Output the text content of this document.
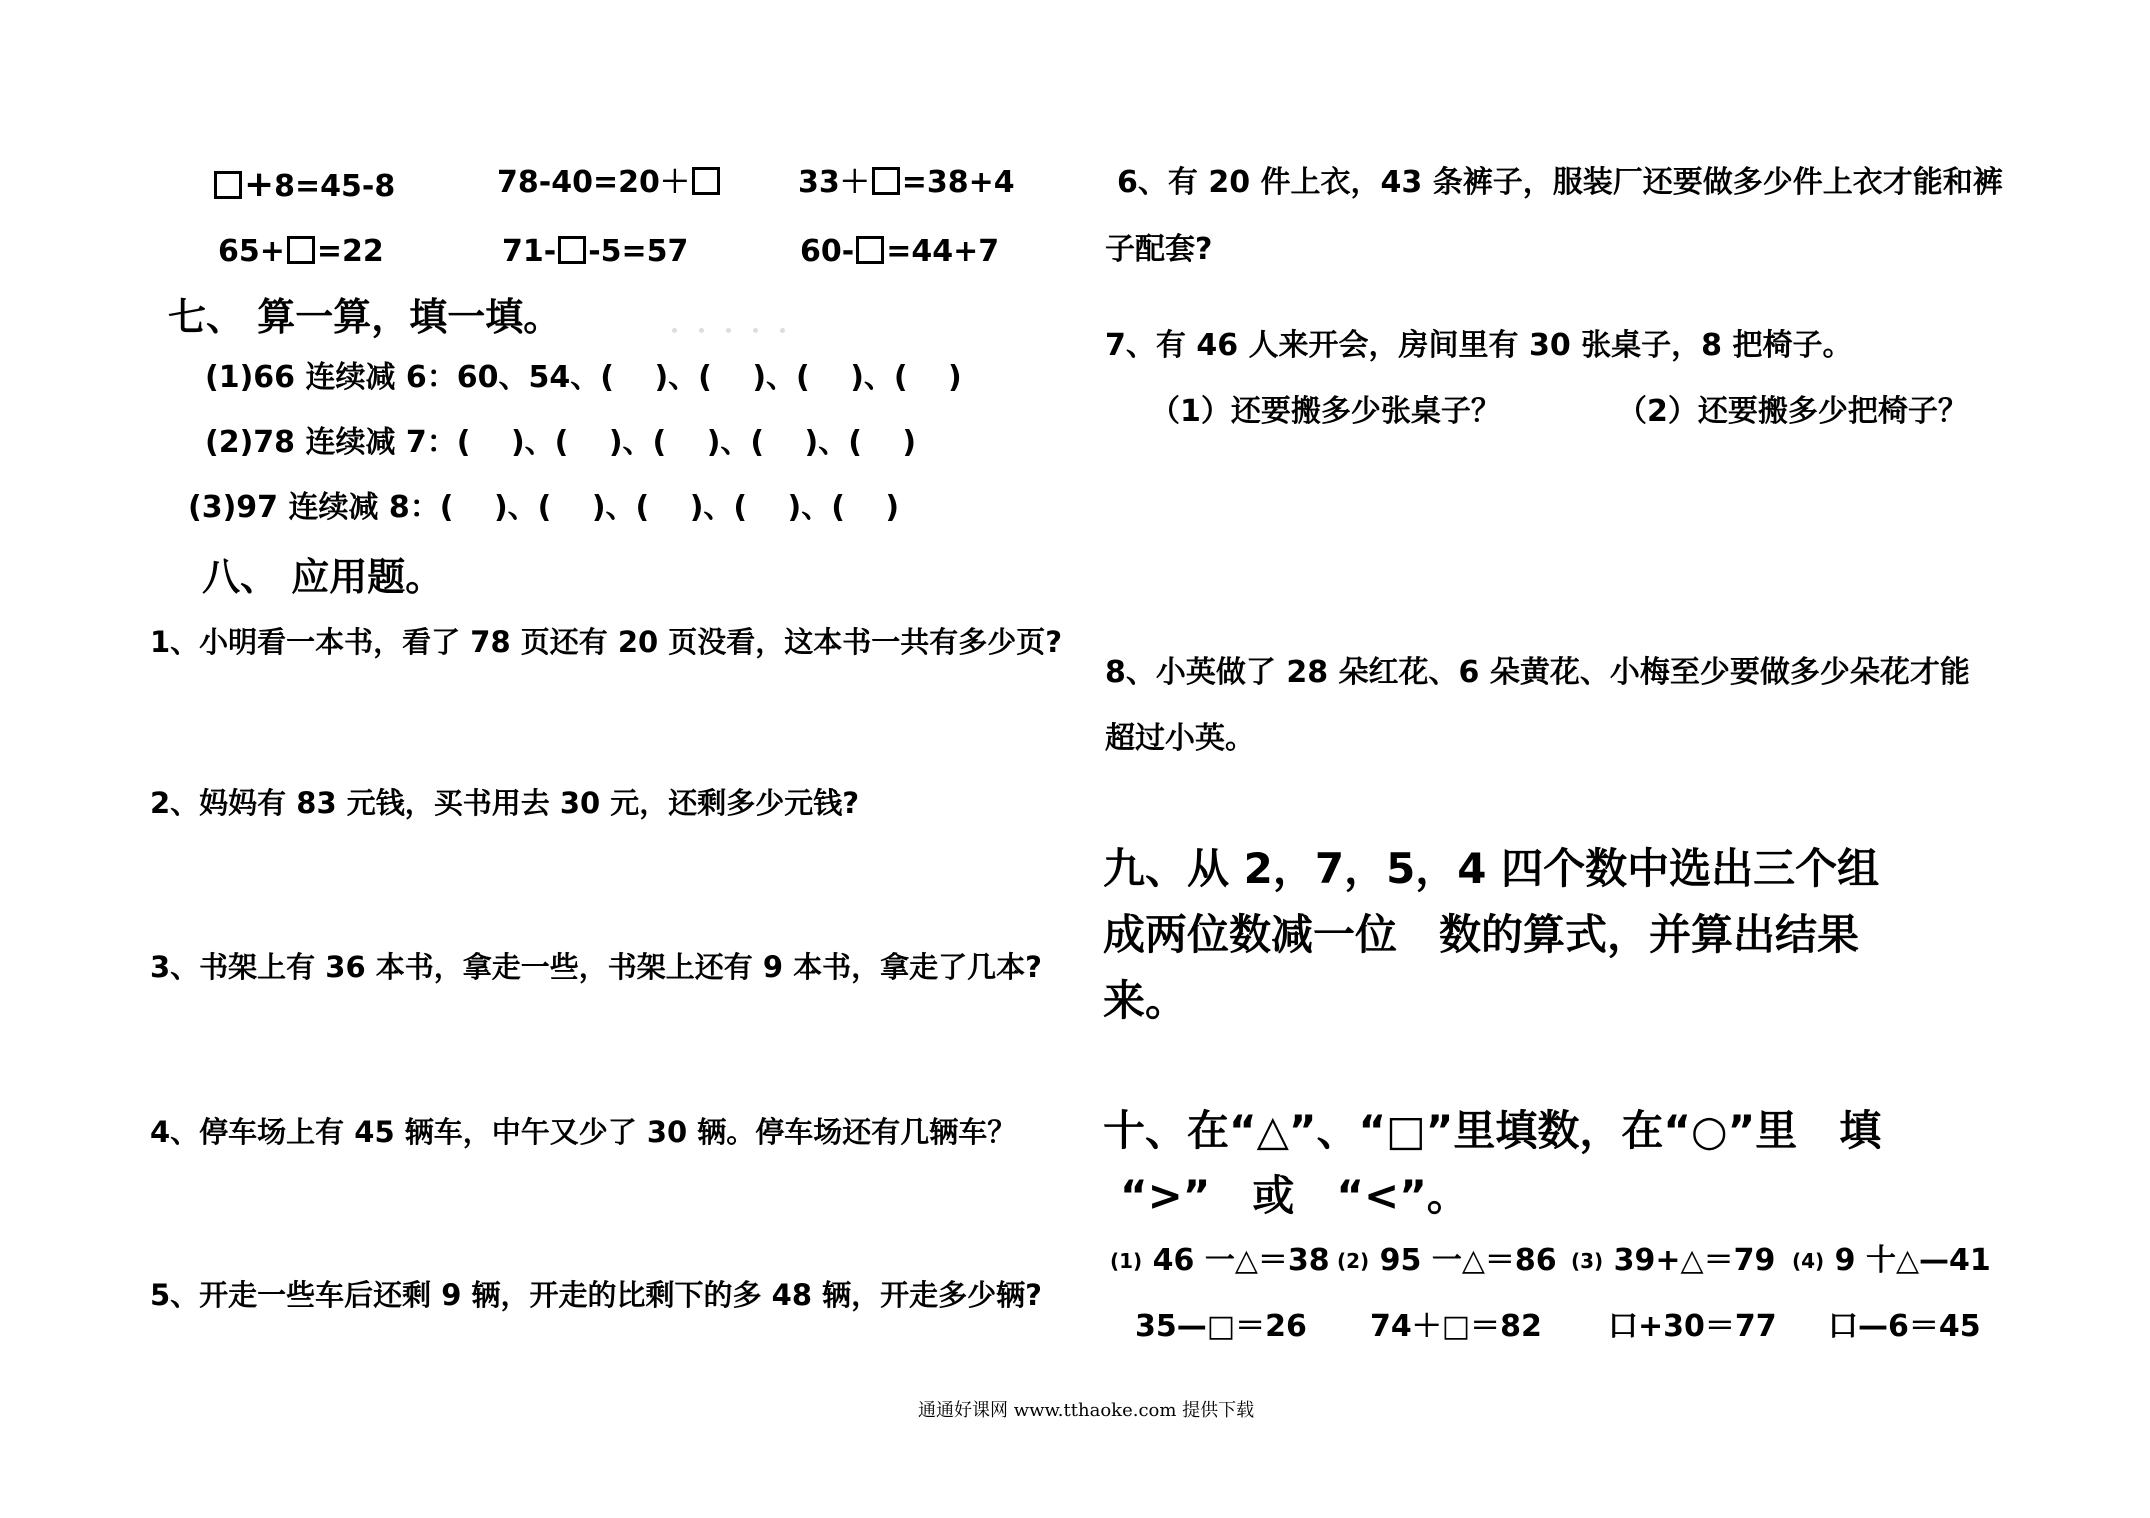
+8=45-8	78-40=20＋	33＋ =38+4
65+ =22	71- -5=57	60- =44+7
七、 算一算，填一填。
(1)66 连续减 6：60、54、(　 )、(　 )、(　 )、(　 )
(2)78 连续减 7：(　 )、(　 )、(　 )、(　 )、(　 )
(3)97 连续减 8：(　 )、(　 )、(　 )、(　 )、(　 )
八、 应用题。
1、小明看一本书，看了 78 页还有 20 页没看，这本书一共有多少页?
2、妈妈有 83 元钱，买书用去 30 元，还剩多少元钱?
3、书架上有 36 本书，拿走一些，书架上还有 9 本书，拿走了几本?
4、停车场上有 45 辆车，中午又少了 30 辆。停车场还有几辆车？
5、开走一些车后还剩 9 辆，开走的比剩下的多 48 辆，开走多少辆?
6、有 20 件上衣，43 条裤子，服装厂还要做多少件上衣才能和裤
子配套?
7、有 46 人来开会，房间里有 30 张桌子，8 把椅子。
（1）还要搬多少张桌子？	（2）还要搬多少把椅子？
8、小英做了 28 朵红花、6 朵黄花、小梅至少要做多少朵花才能
超过小英。
九、从 2，7，5，4 四个数中选出三个组
成两位数减一位　数的算式，并算出结果
来。
十、在“△”、“□”里填数，在“○”里　填
“>”　或　“<”。
(1) 46 一△＝38 (2) 95 一△＝86 (3) 39+△＝79 (4) 9 十△—41
35—□＝26 74＋□＝82 口+30＝77 口—6＝45
通通好课网 www.tthaoke.com 提供下载
